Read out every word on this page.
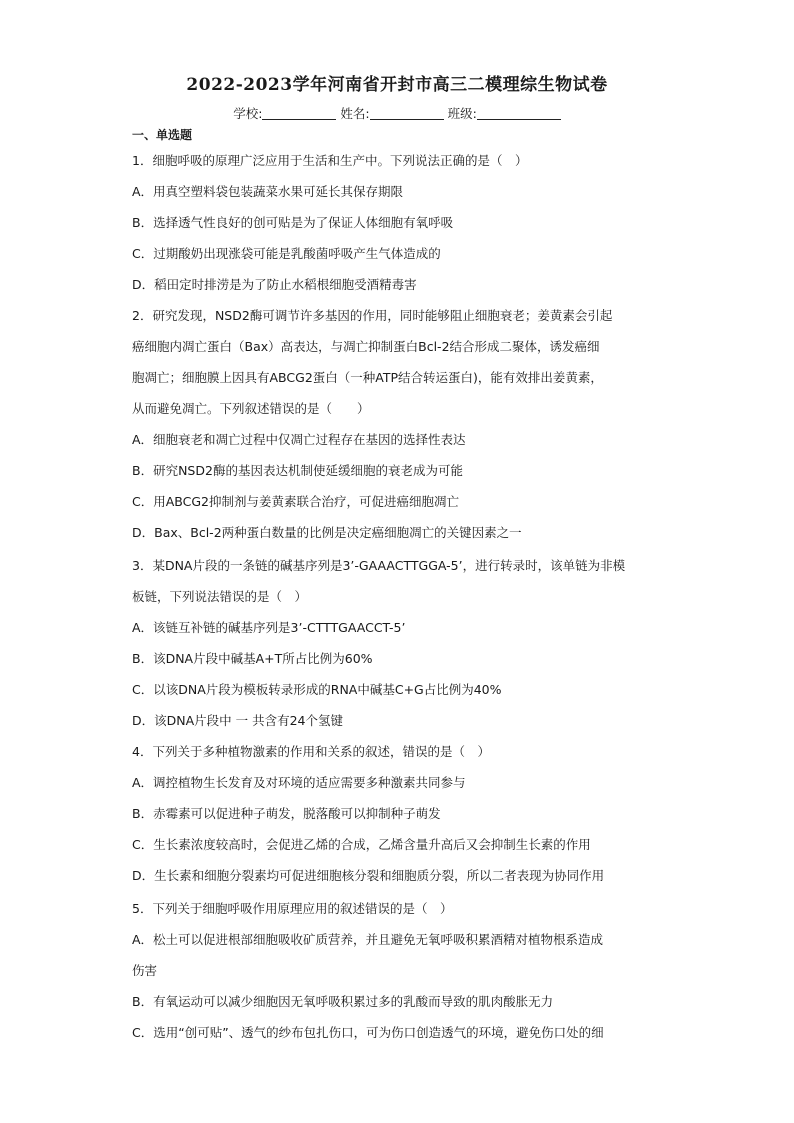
2022-2023学年河南省开封市高三二模理综生物试卷
学校:	姓名:	班级:
一、单选题
1．细胞呼吸的原理广泛应用于生活和生产中。下列说法正确的是（　）
A．用真空塑料袋包装蔬菜水果可延长其保存期限
B．选择透气性良好的创可贴是为了保证人体细胞有氧呼吸
C．过期酸奶出现涨袋可能是乳酸菌呼吸产生气体造成的
D．稻田定时排涝是为了防止水稻根细胞受酒精毒害
2．研究发现，NSD2酶可调节许多基因的作用，同时能够阻止细胞衰老；姜黄素会引起
癌细胞内凋亡蛋白（Bax）高表达，与凋亡抑制蛋白Bcl-2结合形成二聚体，诱发癌细
胞凋亡；细胞膜上因具有ABCG2蛋白（一种ATP结合转运蛋白)，能有效排出姜黄素，
从而避免凋亡。下列叙述错误的是（　　）
A．细胞衰老和凋亡过程中仅凋亡过程存在基因的选择性表达
B．研究NSD2酶的基因表达机制使延缓细胞的衰老成为可能
C．用ABCG2抑制剂与姜黄素联合治疗，可促进癌细胞凋亡
D．Bax、Bcl-2两种蛋白数量的比例是决定癌细胞凋亡的关键因素之一
3．某DNA片段的一条链的碱基序列是3’-GAAACTTGGA-5’，进行转录时，该单链为非模
板链，下列说法错误的是（　）
A．该链互补链的碱基序列是3’-CTTTGAACCT-5’
B．该DNA片段中碱基A+T所占比例为60%
C．以该DNA片段为模板转录形成的RNA中碱基C+G占比例为40%
D．该DNA片段中 一 共含有24个氢键
4．下列关于多种植物激素的作用和关系的叙述，错误的是（　）
A．调控植物生长发育及对环境的适应需要多种激素共同参与
B．赤霉素可以促进种子萌发，脱落酸可以抑制种子萌发
C．生长素浓度较高时，会促进乙烯的合成，乙烯含量升高后又会抑制生长素的作用
D．生长素和细胞分裂素均可促进细胞核分裂和细胞质分裂，所以二者表现为协同作用
5．下列关于细胞呼吸作用原理应用的叙述错误的是（　）
A．松土可以促进根部细胞吸收矿质营养，并且避免无氧呼吸积累酒精对植物根系造成
伤害
B．有氧运动可以减少细胞因无氧呼吸积累过多的乳酸而导致的肌肉酸胀无力
C．选用“创可贴”、透气的纱布包扎伤口，可为伤口创造透气的环境，避免伤口处的细
